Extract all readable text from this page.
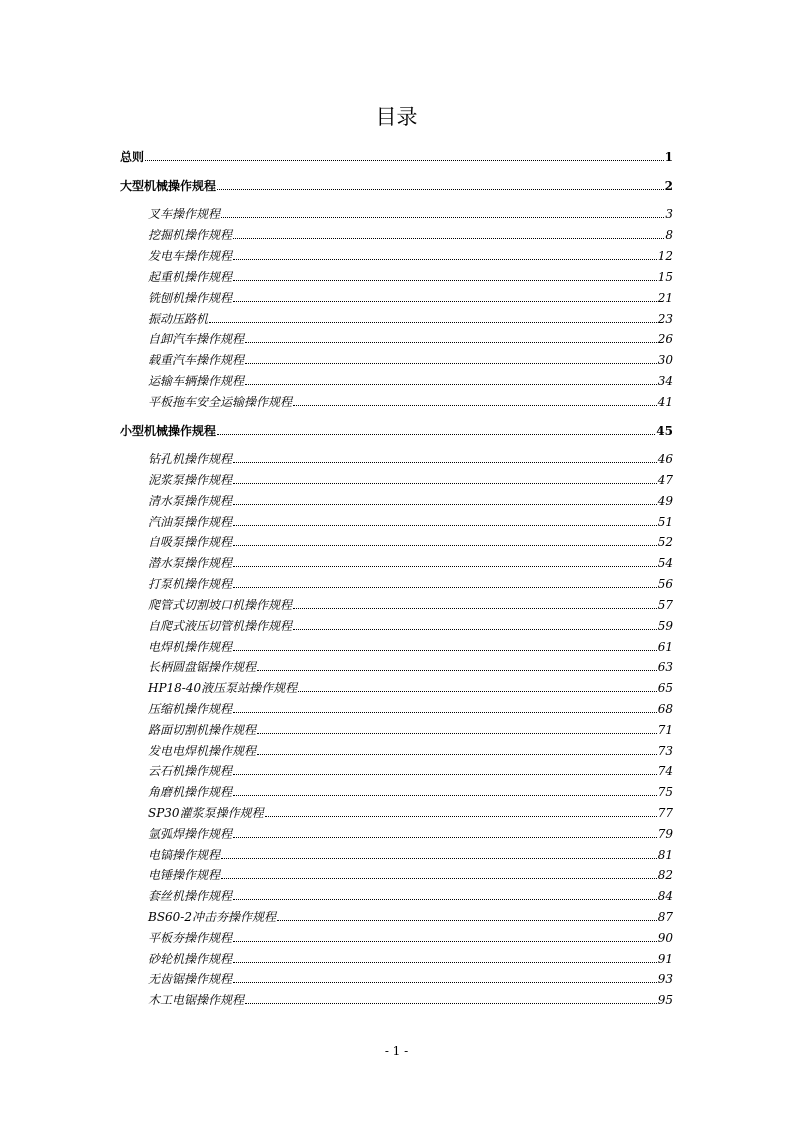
目录
总则	1
大型机械操作规程	2
叉车操作规程	3
挖掘机操作规程	8
发电车操作规程	12
起重机操作规程	15
铣刨机操作规程	21
振动压路机	23
自卸汽车操作规程	26
载重汽车操作规程	30
运输车辆操作规程	34
平板拖车安全运输操作规程	41
小型机械操作规程	45
钻孔机操作规程	46
泥浆泵操作规程	47
清水泵操作规程	49
汽油泵操作规程	51
自吸泵操作规程	52
潜水泵操作规程	54
打泵机操作规程	56
爬管式切割坡口机操作规程	57
自爬式液压切管机操作规程	59
电焊机操作规程	61
长柄圆盘锯操作规程	63
HP18-40液压泵站操作规程	65
压缩机操作规程	68
路面切割机操作规程	71
发电电焊机操作规程	73
云石机操作规程	74
角磨机操作规程	75
SP30灌浆泵操作规程	77
氩弧焊操作规程	79
电镐操作规程	81
电锤操作规程	82
套丝机操作规程	84
BS60-2冲击夯操作规程	87
平板夯操作规程	90
砂轮机操作规程	91
无齿锯操作规程	93
木工电锯操作规程	95
- 1 -
